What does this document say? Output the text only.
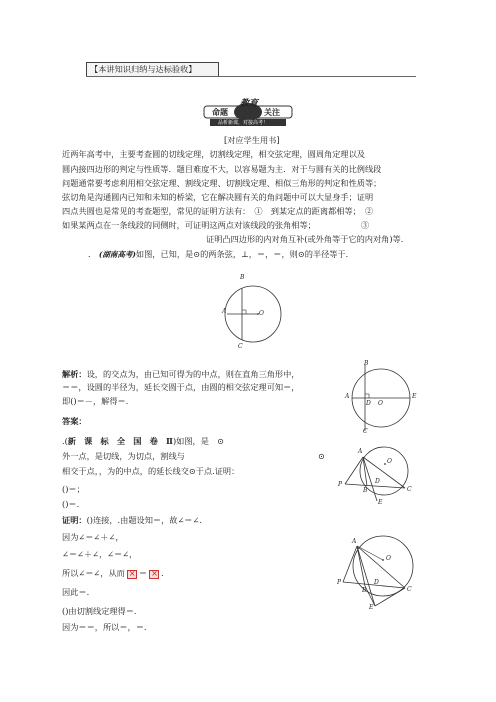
【本讲知识归纳与达标验收】
命题
教育
关注
品析新课，对接高考！
[对应学生用书]
近两年高考中，主要考查圆的切线定理，切割线定理，相交弦定理，圆周角定理以及
圆内接四边形的判定与性质等．题目难度不大，以容易题为主．对于与圆有关的比例线段
问题通常要考虑利用相交弦定理、割线定理、切割线定理、相似三角形的判定和性质等；
弦切角是沟通圆内已知和未知的桥梁，它在解决圆有关的角问题中可以大显身手；证明
四点共圆也是常见的考查题型，常见的证明方法有：　①　到某定点的距离都相等；　②
如果某两点在一条线段的同侧时，可证明这两点对该线段的张角相等；　　　　　　③
证明凸四边形的内对角互补(或外角等于它的内对角)等．
． (湖南高考)如图，已知，是⊙的两条弦，⊥，＝，＝，则⊙的半径等于．
B
A	O
C
解析：设，的交点为，由已知可得为的中点，则在直角三角形中，
＝＝，设圆的半径为，延长交圆于点，由圆的相交弦定理可知＝，
即()＝－，解得＝.
答案：
B
A
D O
E
C
.(新　课　标　全　国　卷　Ⅱ)如图，是　⊙
外一点，是切线，为切点，割线与	⊙
相交于点，，为的中点，的延长线交⊙于点.证明：
()＝；
()＝.
A
O
P
B
D
C
E
证明：()连接，.由题设知＝，故∠＝∠.
因为∠＝∠＋∠，
∠＝∠＋∠，∠＝∠，
所以∠＝∠，从而 × ＝ × ．
因此＝.
()由切割线定理得＝．
因为＝＝，所以＝，＝.
A
O
P
B
D
C
E
